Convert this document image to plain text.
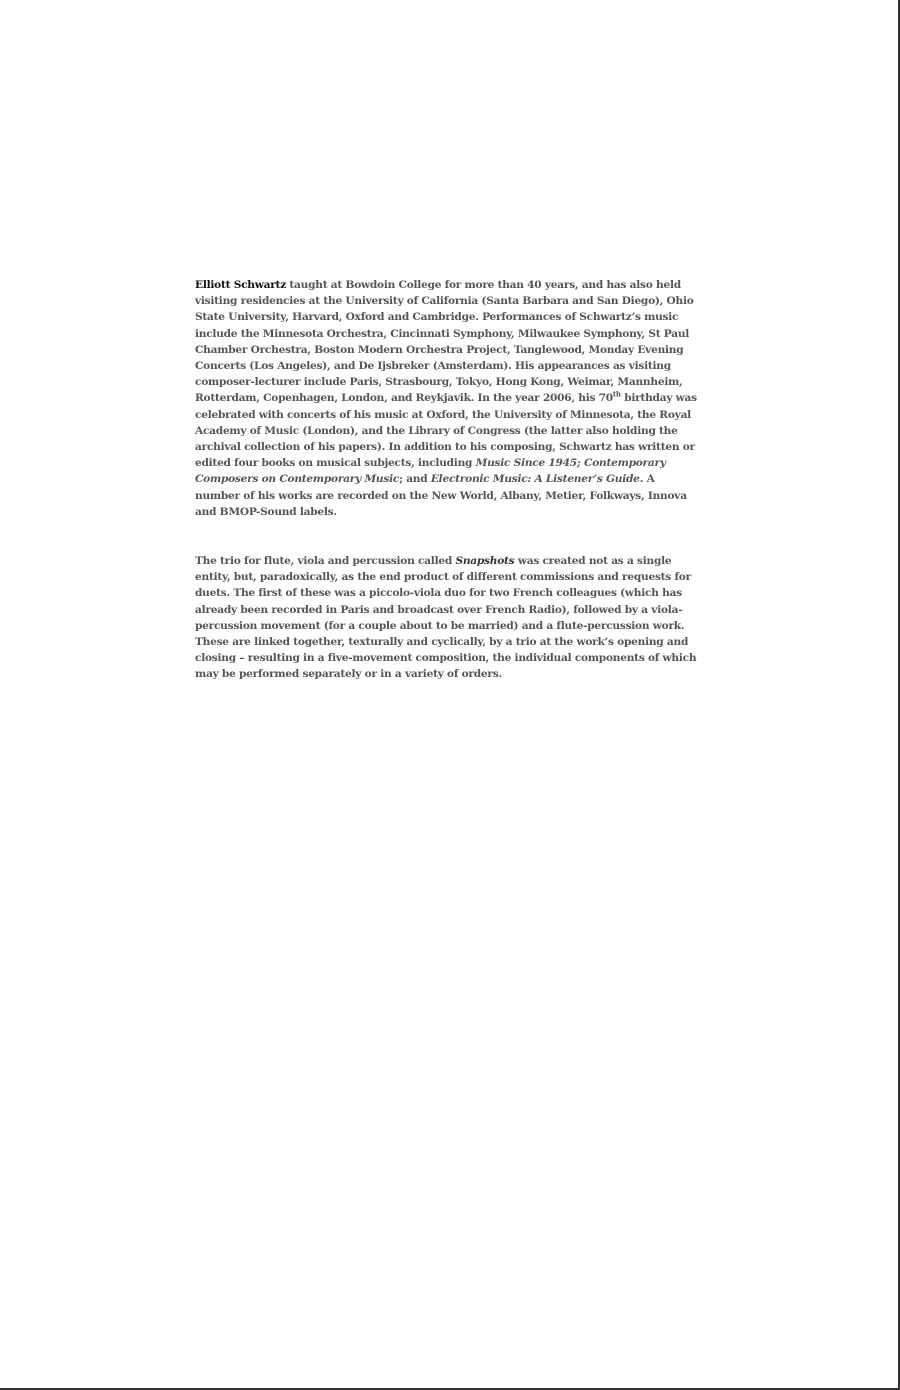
Elliott Schwartz taught at Bowdoin College for more than 40 years, and has also held visiting residencies at the University of California (Santa Barbara and San Diego), Ohio State University, Harvard, Oxford and Cambridge. Performances of Schwartz’s music include the Minnesota Orchestra, Cincinnati Symphony, Milwaukee Symphony, St Paul Chamber Orchestra, Boston Modern Orchestra Project, Tanglewood, Monday Evening Concerts (Los Angeles), and De Ijsbreker (Amsterdam). His appearances as visiting composer-lecturer include Paris, Strasbourg, Tokyo, Hong Kong, Weimar, Mannheim, Rotterdam, Copenhagen, London, and Reykjavik. In the year 2006, his 70th birthday was celebrated with concerts of his music at Oxford, the University of Minnesota, the Royal Academy of Music (London), and the Library of Congress (the latter also holding the archival collection of his papers). In addition to his composing, Schwartz has written or edited four books on musical subjects, including Music Since 1945; Contemporary Composers on Contemporary Music; and Electronic Music: A Listener’s Guide. A number of his works are recorded on the New World, Albany, Metier, Folkways, Innova and BMOP-Sound labels.

The trio for flute, viola and percussion called Snapshots was created not as a single entity, but, paradoxically, as the end product of different commissions and requests for duets. The first of these was a piccolo-viola duo for two French colleagues (which has already been recorded in Paris and broadcast over French Radio), followed by a viola-percussion movement (for a couple about to be married) and a flute-percussion work. These are linked together, texturally and cyclically, by a trio at the work’s opening and closing – resulting in a five-movement composition, the individual components of which may be performed separately or in a variety of orders.
